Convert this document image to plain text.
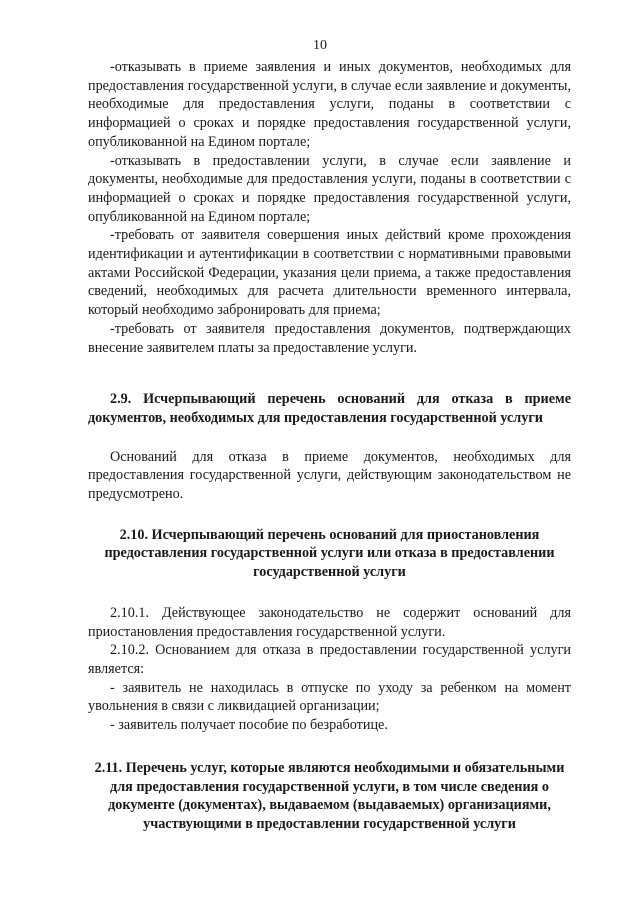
10

-отказывать в приеме заявления и иных документов, необходимых для предоставления государственной услуги, в случае если заявление и документы, необходимые для предоставления услуги, поданы в соответствии с информацией о сроках и порядке предоставления государственной услуги, опубликованной на Едином портале;

-отказывать в предоставлении услуги, в случае если заявление и документы, необходимые для предоставления услуги, поданы в соответствии с информацией о сроках и порядке предоставления государственной услуги, опубликованной на Едином портале;

-требовать от заявителя совершения иных действий кроме прохождения идентификации и аутентификации в соответствии с нормативными правовыми актами Российской Федерации, указания цели приема, а также предоставления сведений, необходимых для расчета длительности временного интервала, который необходимо забронировать для приема;

-требовать от заявителя предоставления документов, подтверждающих внесение заявителем платы за предоставление услуги.

2.9. Исчерпывающий перечень оснований для отказа в приеме документов, необходимых для предоставления государственной услуги

Оснований для отказа в приеме документов, необходимых для предоставления государственной услуги, действующим законодательством не предусмотрено.

2.10. Исчерпывающий перечень оснований для приостановления предоставления государственной услуги или отказа в предоставлении государственной услуги

2.10.1. Действующее законодательство не содержит оснований для приостановления предоставления государственной услуги.

2.10.2. Основанием для отказа в предоставлении государственной услуги является:

- заявитель не находилась в отпуске по уходу за ребенком на момент увольнения в связи с ликвидацией организации;

- заявитель получает пособие по безработице.

2.11. Перечень услуг, которые являются необходимыми и обязательными для предоставления государственной услуги, в том числе сведения о документе (документах), выдаваемом (выдаваемых) организациями, участвующими в предоставлении государственной услуги
